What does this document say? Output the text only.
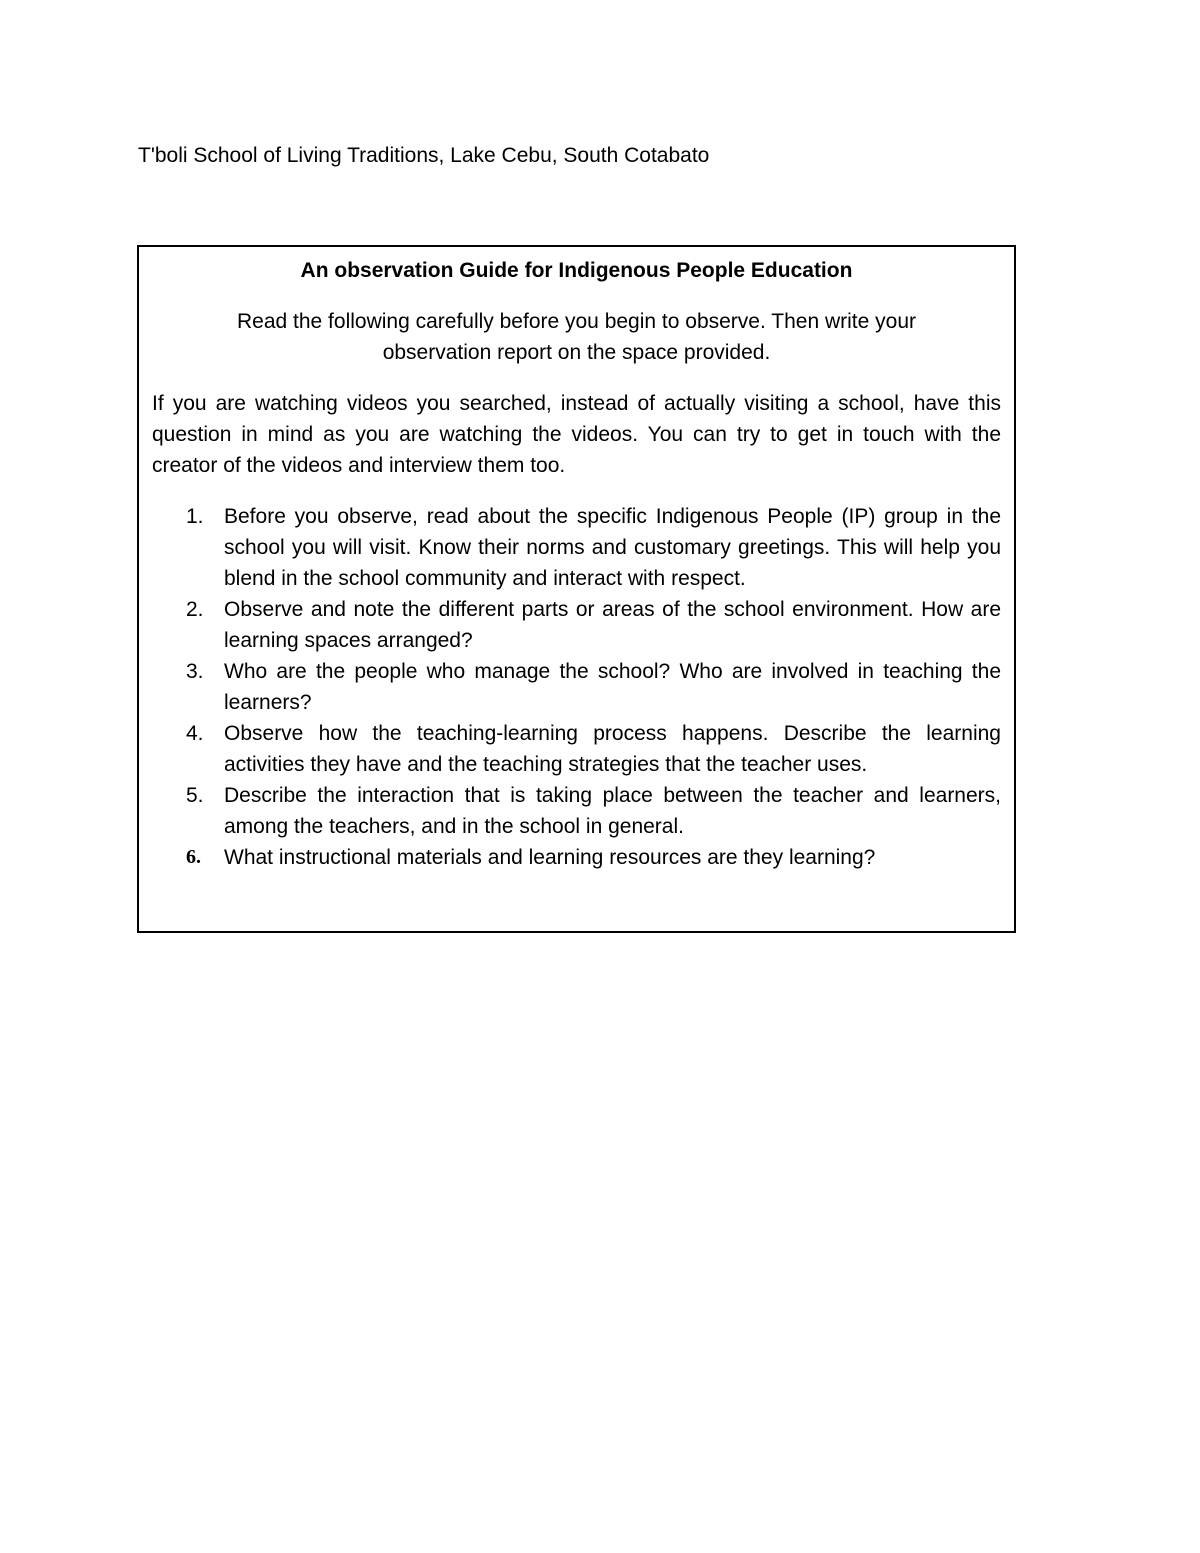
T'boli School of Living Traditions, Lake Cebu, South Cotabato

An observation Guide for Indigenous People Education

Read the following carefully before you begin to observe. Then write your observation report on the space provided.

If you are watching videos you searched, instead of actually visiting a school, have this question in mind as you are watching the videos. You can try to get in touch with the creator of the videos and interview them too.

1. Before you observe, read about the specific Indigenous People (IP) group in the school you will visit. Know their norms and customary greetings. This will help you blend in the school community and interact with respect.
2. Observe and note the different parts or areas of the school environment. How are learning spaces arranged?
3. Who are the people who manage the school? Who are involved in teaching the learners?
4. Observe how the teaching-learning process happens. Describe the learning activities they have and the teaching strategies that the teacher uses.
5. Describe the interaction that is taking place between the teacher and learners, among the teachers, and in the school in general.
6.	What instructional materials and learning resources are they learning?
